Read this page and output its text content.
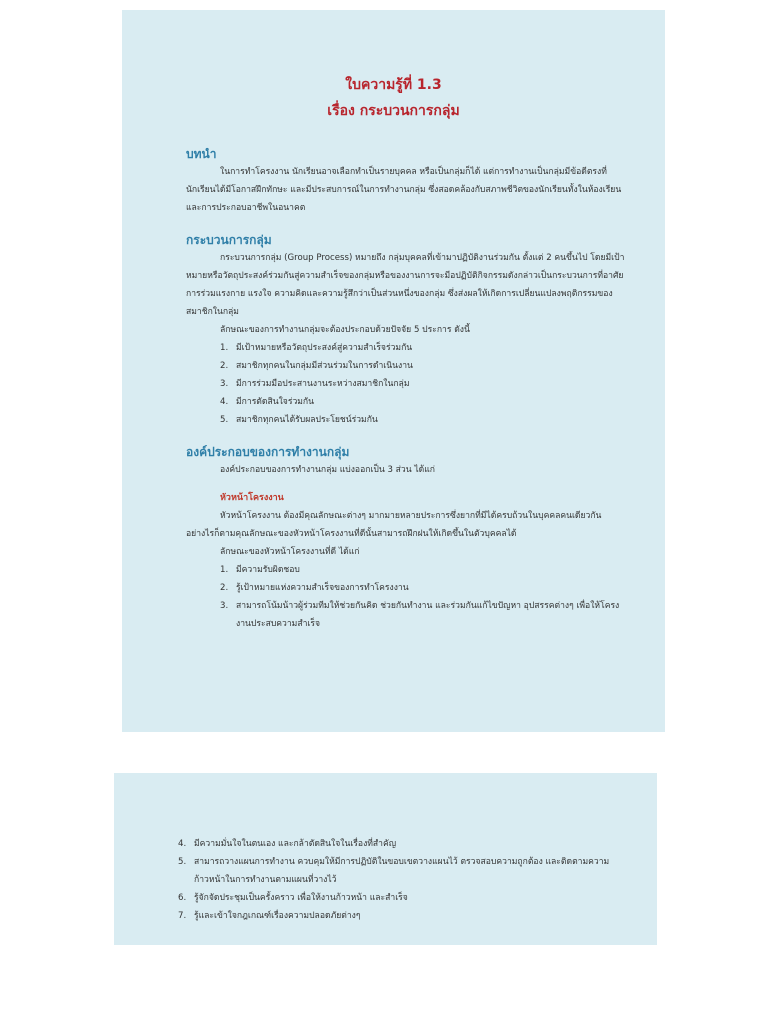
ใบความรู้ที่ 1.3

เรื่อง กระบวนการกลุ่ม

บทนำ

ในการทำโครงงาน นักเรียนอาจเลือกทำเป็นรายบุคคล หรือเป็นกลุ่มก็ได้ แต่การทำงานเป็นกลุ่มมีข้อดีตรงที่นักเรียนได้มีโอกาสฝึกทักษะ และมีประสบการณ์ในการทำงานกลุ่ม ซึ่งสอดคล้องกับสภาพชีวิตของนักเรียนทั้งในห้องเรียน และการประกอบอาชีพในอนาคต

กระบวนการกลุ่ม

กระบวนการกลุ่ม (Group Process) หมายถึง กลุ่มบุคคลที่เข้ามาปฏิบัติงานร่วมกัน ตั้งแต่ 2 คนขึ้นไป โดยมีเป้าหมายหรือวัตถุประสงค์ร่วมกันสู่ความสำเร็จของกลุ่มหรือของงานการจะมีอปฏิบัติกิจกรรมดังกล่าวเป็นกระบวนการที่อาศัยการร่วมแรงกาย แรงใจ ความคิดและความรู้สึกว่าเป็นส่วนหนึ่งของกลุ่ม ซึ่งส่งผลให้เกิดการเปลี่ยนแปลงพฤติกรรมของสมาชิกในกลุ่ม

ลักษณะของการทำงานกลุ่มจะต้องประกอบด้วยปัจจัย 5 ประการ ดังนี้

1. มีเป้าหมายหรือวัตถุประสงค์สู่ความสำเร็จร่วมกัน
2. สมาชิกทุกคนในกลุ่มมีส่วนร่วมในการดำเนินงาน
3. มีการร่วมมือประสานงานระหว่างสมาชิกในกลุ่ม
4. มีการตัดสินใจร่วมกัน
5. สมาชิกทุกคนได้รับผลประโยชน์ร่วมกัน

องค์ประกอบของการทำงานกลุ่ม

องค์ประกอบของการทำงานกลุ่ม แบ่งออกเป็น 3 ส่วน ได้แก่

หัวหน้าโครงงาน

หัวหน้าโครงงาน ต้องมีคุณลักษณะต่างๆ มากมายหลายประการซึ่งยากที่มีได้ครบถ้วนในบุคคลคนเดียวกัน อย่างไรก็ตามคุณลักษณะของหัวหน้าโครงงานที่ดีนั้นสามารถฝึกฝนให้เกิดขึ้นในตัวบุคคลได้

ลักษณะของหัวหน้าโครงงานที่ดี ได้แก่

1. มีความรับผิดชอบ
2. รู้เป้าหมายแห่งความสำเร็จของการทำโครงงาน
3. สามารถโน้มน้าวผู้ร่วมทีมให้ช่วยกันคิด ช่วยกันทำงาน และร่วมกันแก้ไขปัญหา อุปสรรคต่างๆ เพื่อให้โครงงานประสบความสำเร็จ
4. มีความมั่นใจในตนเอง และกล้าตัดสินใจในเรื่องที่สำคัญ
5. สามารถวางแผนการทำงาน ควบคุมให้มีการปฏิบัติในขอบเขตวางแผนไว้ ตรวจสอบความถูกต้อง และติดตามความก้าวหน้าในการทำงานตามแผนที่วางไว้
6. รู้จักจัดประชุมเป็นครั้งคราว เพื่อให้งานก้าวหน้า และสำเร็จ
7. รู้และเข้าใจกฎเกณฑ์เรื่องความปลอดภัยต่างๆ
